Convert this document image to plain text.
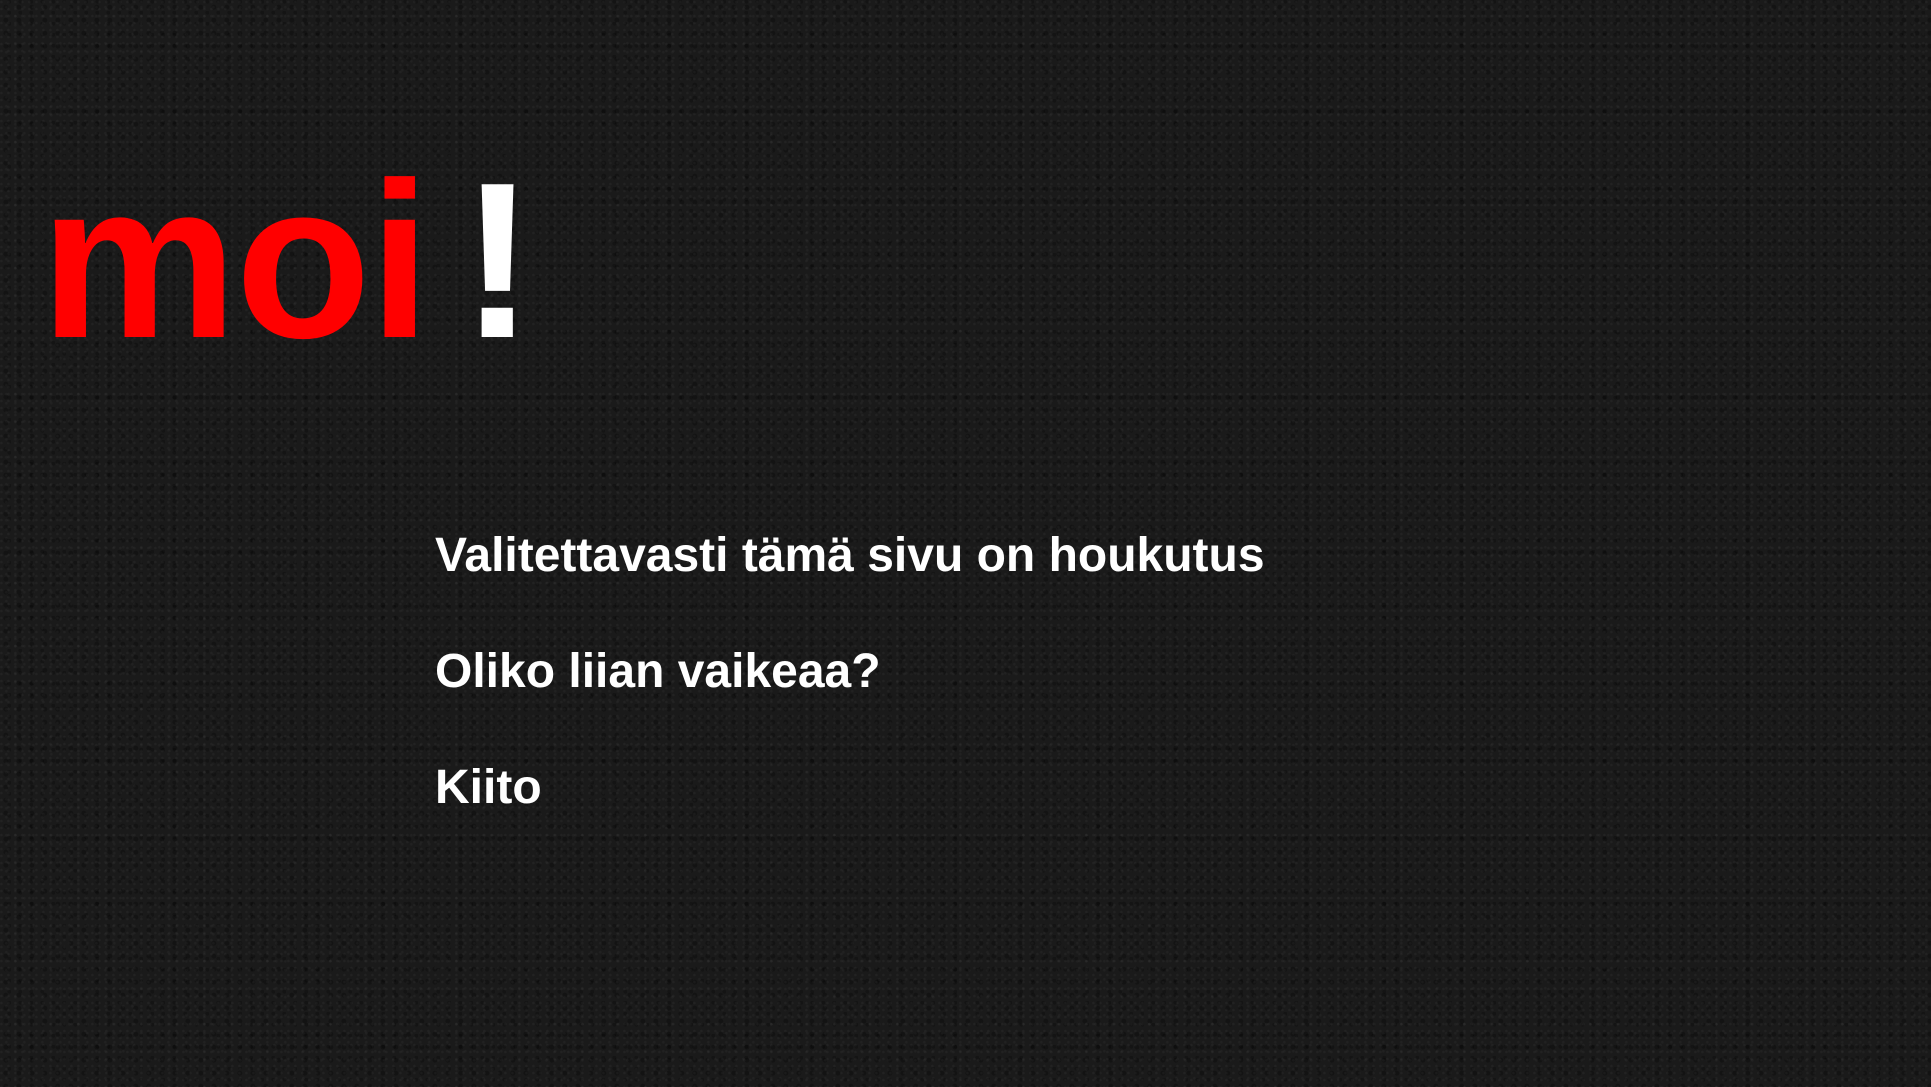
moi !

Valitettavasti tämä sivu on houkutus

Oliko liian vaikeaa?

Kiito
